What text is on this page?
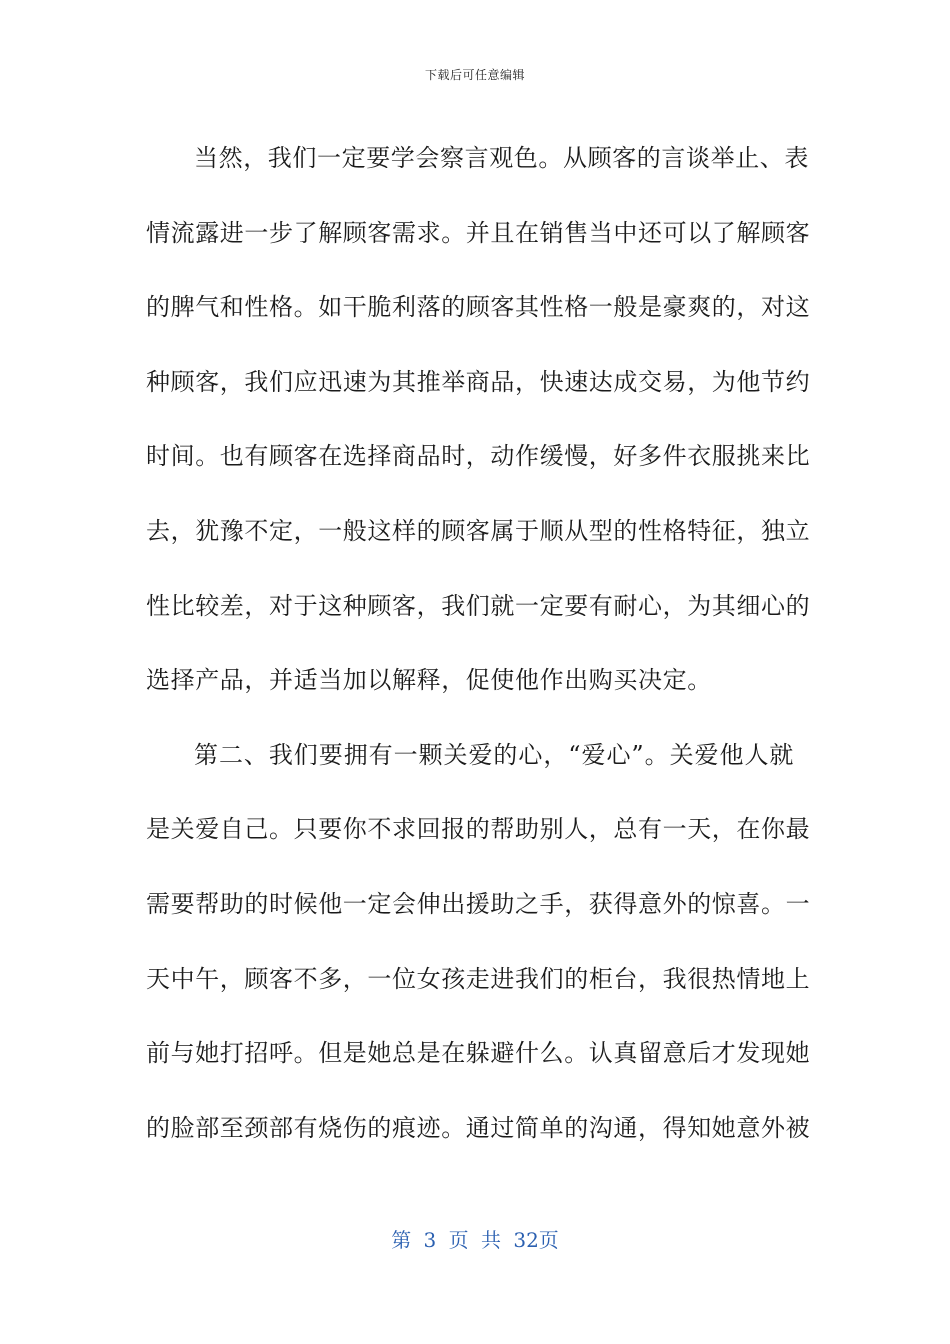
下载后可任意编辑
当然，我们一定要学会察言观色。从顾客的言谈举止、表
情流露进一步了解顾客需求。并且在销售当中还可以了解顾客
的脾气和性格。如干脆利落的顾客其性格一般是豪爽的，对这
种顾客，我们应迅速为其推举商品，快速达成交易，为他节约
时间。也有顾客在选择商品时，动作缓慢，好多件衣服挑来比
去，犹豫不定，一般这样的顾客属于顺从型的性格特征，独立
性比较差，对于这种顾客，我们就一定要有耐心，为其细心的
选择产品，并适当加以解释，促使他作出购买决定。
第二、我们要拥有一颗关爱的心，“爱心”。关爱他人就
是关爱自己。只要你不求回报的帮助别人，总有一天，在你最
需要帮助的时候他一定会伸出援助之手，获得意外的惊喜。一
天中午，顾客不多，一位女孩走进我们的柜台，我很热情地上
前与她打招呼。但是她总是在躲避什么。认真留意后才发现她
的脸部至颈部有烧伤的痕迹。通过简单的沟通，得知她意外被
第 3 页 共 32页
